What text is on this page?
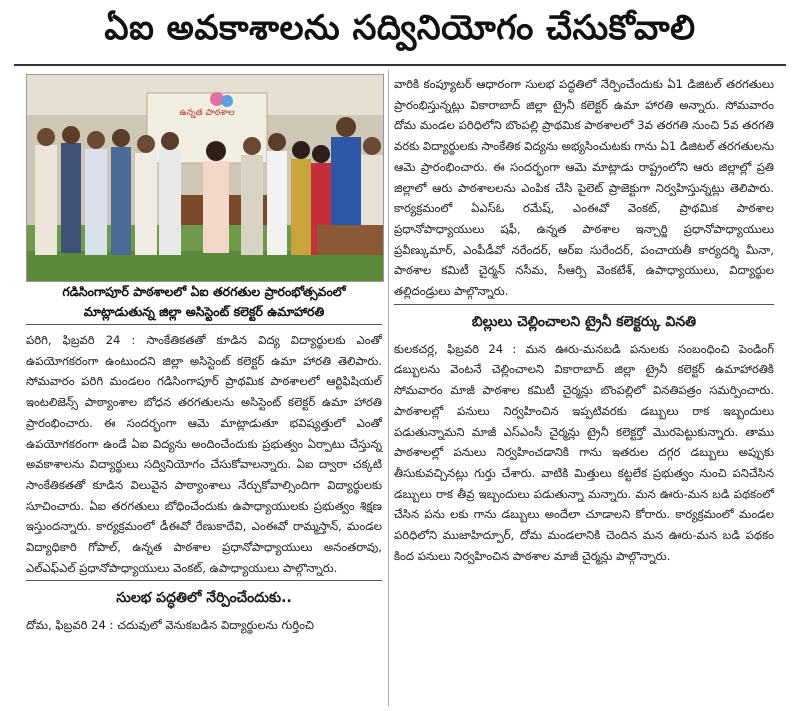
ఏఐ అవకాశాలను సద్వినియోగం చేసుకోవాలి
ఉన్నత పాఠశాల
గడిసింగాపూర్ పాఠశాలలో ఏఐ తరగతుల ప్రారంభోత్సవంలో
మాట్లాడుతున్న జిల్లా అసిస్టెంట్ కలెక్టర్ ఉమాహారతి

పరిగి, ఫిబ్రవరి 24 : సాంకేతికతతో కూడిన విద్య విద్యార్థులకు ఎంతో ఉపయోగకరంగా ఉంటుందని జిల్లా అసిస్టెంట్ కలెక్టర్ ఉమా హారతి తెలిపారు. సోమవారం పరిగి మండలం గడిసింగాపూర్ ప్రాథమిక పాఠశాలలో ఆర్టిఫిషియల్ ఇంటలిజెన్స్ పాఠ్యాంశాల బోధన తరగతులను అసిస్టెంట్ కలెక్టర్ ఉమా హారతి ప్రారంభించారు. ఈ సందర్భంగా ఆమె మాట్లాడుతూ భవిష్యత్తులో ఎంతో ఉపయోగకరంగా ఉండే ఏఐ విద్యను అందించేందుకు ప్రభుత్వం ఏర్పాటు చేస్తున్న అవకాశాలను విద్యార్థులు సద్వినియోగం చేసుకోవాలన్నారు. ఏఐ ద్వారా చక్కటి సాంకేతికతతో కూడిన విలువైన పాఠ్యాంశాలు నేర్చుకోవాల్సిందిగా విద్యార్థులకు సూచించారు. ఏఐ తరగతులు బోధించేందుకు ఉపాధ్యాయులకు ప్రభుత్వం శిక్షణ ఇస్తుందన్నారు. కార్యక్రమంలో డీఈవో రేణుకాదేవి, ఎంఈవో రామ్మస్తాన్, మండల విద్యాధికారి గోపాల్, ఉన్నత పాఠశాల ప్రధానోపాధ్యాయులు అనంతరావు, ఎల్ఎఫ్ఎల్ ప్రధానోపాధ్యాయులు వెంకట్, ఉపాధ్యాయులు పాల్గొన్నారు.

సులభ పద్ధతిలో నేర్పించేందుకు..

దోమ, ఫిబ్రవరి 24 : చదువులో వెనుకబడిన విద్యార్థులను గుర్తించి

వారికి కంప్యూటర్ ఆధారంగా సులభ పద్ధతిలో నేర్పించేందుకు ఏ1 డిజిటల్ తరగతులు ప్రారంభిస్తున్నట్లు వికారాబాద్ జిల్లా ట్రైనీ కలెక్టర్ ఉమా హారతి అన్నారు. సోమవారం దోమ మండల పరిధిలోని బొంపల్లి ప్రాథమిక పాఠశాలలో 3వ తరగతి నుంచి 5వ తరగతి వరకు విద్యార్థులకు సాంకేతిక విద్యను అభ్యసించుటకు గాను ఏ1 డిజిటల్ తరగతులను ఆమె ప్రారంభించారు. ఈ సందర్భంగా ఆమె మాట్లాడు రాష్ట్రంలోని ఆరు జిల్లాల్లో ప్రతి జిల్లాలో ఆరు పాఠశాలలను ఎంపిక చేసి పైలెట్ ప్రాజెక్టుగా నిర్వహిస్తున్నట్లు తెలిపారు. కార్యక్రమంలో ఏఎస్ఓ రమేష్, ఎంఈవో వెంకట్, ప్రాథమిక పాఠశాల ప్రధానోపాధ్యాయులు షఫీ, ఉన్నత పాఠశాల ఇన్చార్జి ప్రధానోపాధ్యాయులు ప్రవీణ్కుమార్, ఎంపీడీవో నరేందర్, ఆర్ఐ సురేందర్, పంచాయతీ కార్యదర్శి మీనా, పాఠశాల కమిటీ చైర్మన్ నసీమ, సీఆర్పి వెంకటేశ్, ఉపాధ్యాయులు, విద్యార్థుల తల్లిదండ్రులు పాల్గొన్నారు.

బిల్లులు చెల్లించాలని ట్రైనీ కలెక్టర్కు వినతి

కులకచర్ల, ఫిబ్రవరి 24 : మన ఊరు-మనబడి పనులకు సంబంధించి పెండింగ్ డబ్బులను వెంటనే చెల్లించాలని వికారాబాద్ జిల్లా ట్రైనీ కలెక్టర్ ఉమాహారతికి సోమవారం మాజీ పాఠశాల కమిటీ చైర్మన్లు బొంపల్లిలో వినతిపత్రం సమర్పించారు. పాఠశాలల్లో పనులు నిర్వహించిన ఇప్పటివరకు డబ్బులు రాక ఇబ్బందులు పడుతున్నామని మాజీ ఎస్ఎంసీ చైర్మన్లు ట్రైనీ కలెక్టర్తో మొరపెట్టుకున్నారు. తాము పాఠశాలల్లో పనులు నిర్వహించడానికి గాను ఇతరుల దగ్గర డబ్బులు అప్పుకు తీసుకువచ్చినట్లు గుర్తు చేశారు. వాటికి మిత్తులు కట్టలేక ప్రభుత్వం నుంచి పనిచేసిన డబ్బులు రాక తీవ్ర ఇబ్బందులు పడుతున్నా మన్నారు. మన ఊరు-మన బడి పథకంలో చేసిన పను లకు గాను డబ్బులు అందేలా చూడాలని కోరారు. కార్యక్రమంలో మండల పరిధిలోని ముజాహిద్పూర్, దోమ మండలానికి చెందిన మన ఊరు-మన బడి పథకం కింద పనులు నిర్వహించిన పాఠశాల మాజీ చైర్మన్లు పాల్గొన్నారు.
